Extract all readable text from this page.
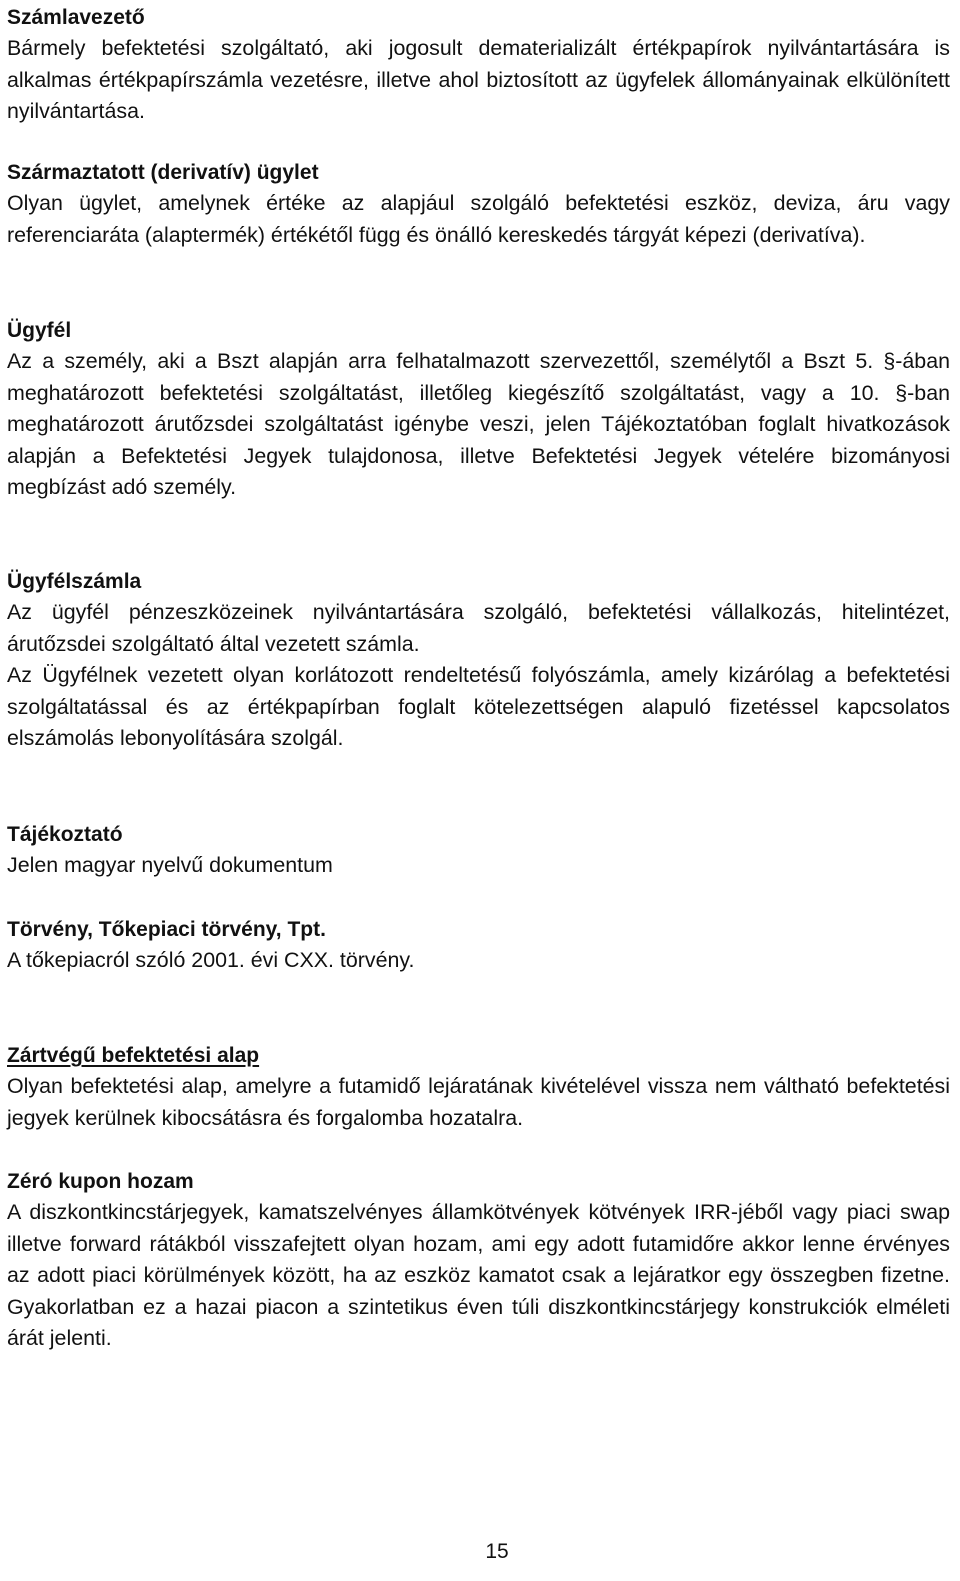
Számlavezető

Bármely befektetési szolgáltató, aki jogosult dematerializált értékpapírok nyilvántartására is alkalmas értékpapírszámla vezetésre, illetve ahol biztosított az ügyfelek állományainak elkülönített nyilvántartása.

Származtatott (derivatív) ügylet

Olyan ügylet, amelynek értéke az alapjául szolgáló befektetési eszköz, deviza, áru vagy referenciaráta (alaptermék) értékétől függ és önálló kereskedés tárgyát képezi (derivatíva).

Ügyfél

Az a személy, aki a Bszt alapján arra felhatalmazott szervezettől, személytől a Bszt 5. §-ában meghatározott befektetési szolgáltatást, illetőleg kiegészítő szolgáltatást, vagy a 10. §-ban meghatározott árutőzsdei szolgáltatást igénybe veszi, jelen Tájékoztatóban foglalt hivatkozások alapján a Befektetési Jegyek tulajdonosa, illetve Befektetési Jegyek vételére bizományosi megbízást adó személy.

Ügyfélszámla

Az ügyfél pénzeszközeinek nyilvántartására szolgáló, befektetési vállalkozás, hitelintézet, árutőzsdei szolgáltató által vezetett számla.

Az Ügyfélnek vezetett olyan korlátozott rendeltetésű folyószámla, amely kizárólag a befektetési szolgáltatással és az értékpapírban foglalt kötelezettségen alapuló fizetéssel kapcsolatos elszámolás lebonyolítására szolgál.

Tájékoztató

Jelen magyar nyelvű dokumentum

Törvény, Tőkepiaci törvény, Tpt.

A tőkepiacról szóló 2001. évi CXX. törvény.

Zártvégű befektetési alap

Olyan befektetési alap, amelyre a futamidő lejáratának kivételével vissza nem váltható befektetési jegyek kerülnek kibocsátásra és forgalomba hozatalra.

Zéró kupon hozam

A diszkontkincstárjegyek, kamatszelvényes államkötvények kötvények IRR-jéből vagy piaci swap illetve forward rátákból visszafejtett olyan hozam, ami egy adott futamidőre akkor lenne érvényes az adott piaci körülmények között, ha az eszköz kamatot csak a lejáratkor egy összegben fizetne. Gyakorlatban ez a hazai piacon a szintetikus éven túli diszkontkincstárjegy konstrukciók elméleti árát jelenti.

15
